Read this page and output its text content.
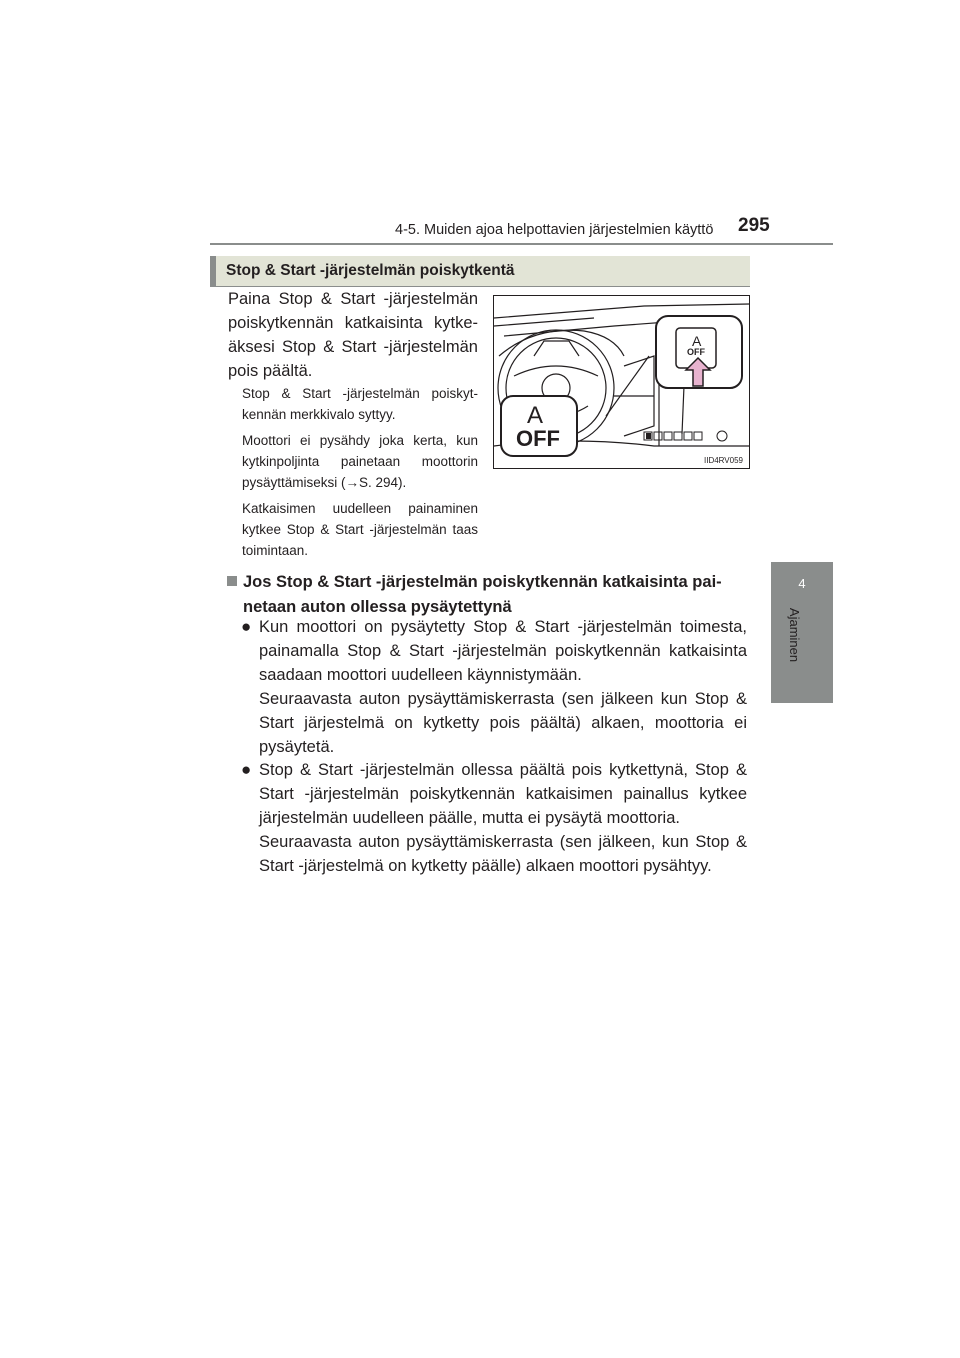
4-5. Muiden ajoa helpottavien järjestelmien käyttö 295
4
Ajaminen
Stop & Start -järjestelmän poiskytkentä

Paina Stop & Start -järjestelmän poiskytkennän katkaisinta kytke-äksesi Stop & Start -järjestelmän pois päältä.

Stop & Start -järjestelmän poiskyt-kennän merkkivalo syttyy.

Moottori ei pysähdy joka kerta, kun kytkinpoljinta painetaan moottorin pysäyttämiseksi (→S. 294).

Katkaisimen uudelleen painaminen kytkee Stop & Start -järjestelmän taas toimintaan.

A
OFF
A
OFF
IID4RV059

Jos Stop & Start -järjestelmän poiskytkennän katkaisinta pai-
netaan auton ollessa pysäytettynä

● Kun moottori on pysäytetty Stop & Start -järjestelmän toimesta, painamalla Stop & Start -järjestelmän poiskytkennän katkaisinta saadaan moottori uudelleen käynnistymään.
Seuraavasta auton pysäyttämiskerrasta (sen jälkeen kun Stop & Start järjestelmä on kytketty pois päältä) alkaen, moottoria ei pysäytetä.
● Stop & Start -järjestelmän ollessa päältä pois kytkettynä, Stop & Start -järjestelmän poiskytkennän katkaisimen painallus kytkee järjestelmän uudelleen päälle, mutta ei pysäytä moottoria.
Seuraavasta auton pysäyttämiskerrasta (sen jälkeen, kun Stop & Start -järjestelmä on kytketty päälle) alkaen moottori pysähtyy.
